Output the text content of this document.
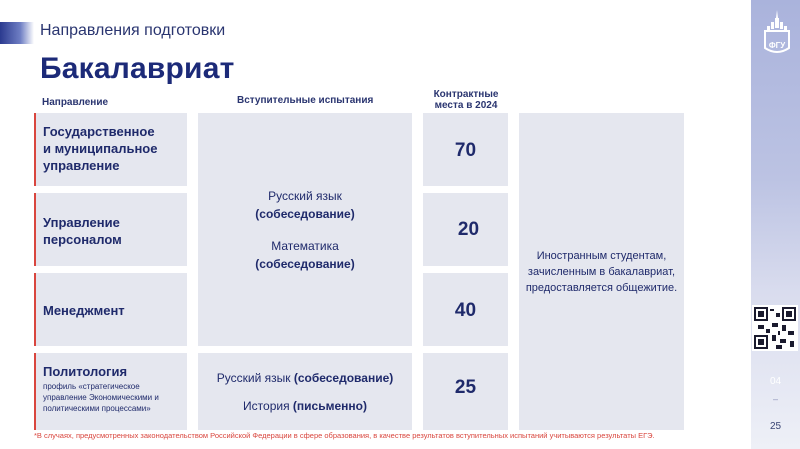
Направления подготовки
Бакалавриат
Направление	Вступительные испытания
Контрактные места в 2024
Государственное и муниципальное управление
Управление персоналом
Менеджмент
Политология
профиль «стратегическое управление Экономическими и политическими процессами»
Русский язык
(собеседование)
Математика
(собеседование)
Русский язык (собеседование)
История (письменно)
70
20
40
25
Иностранным студентам, зачисленным в бакалавриат, предоставляется общежитие.
*В случаях, предусмотренных законодательством Российской Федерации в сфере образования, в качестве результатов вступительных испытаний учитываются результаты ЕГЭ.
ФГУ
04
–
25
